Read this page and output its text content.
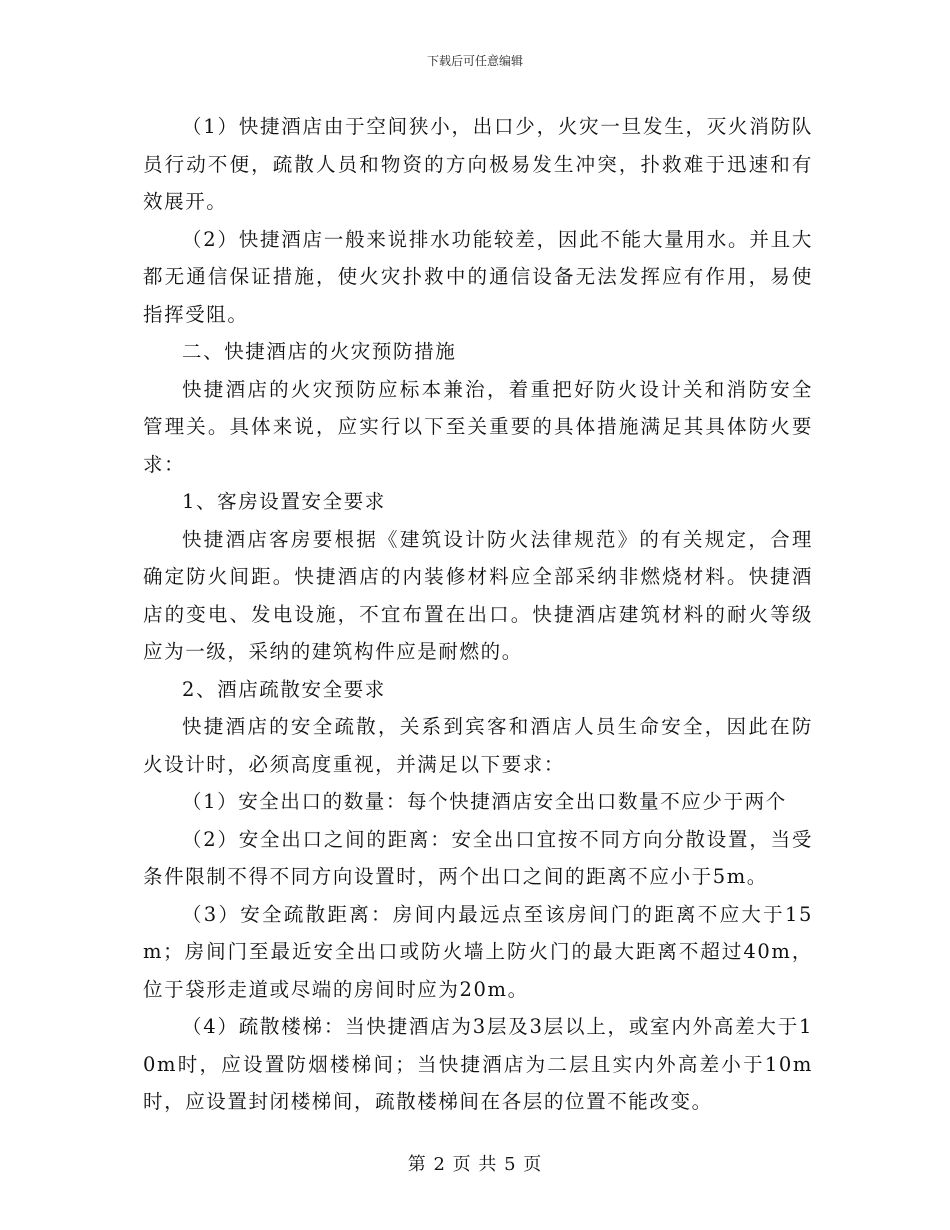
下载后可任意编辑

（1）快捷酒店由于空间狭小，出口少，火灾一旦发生，灭火消防队员行动不便，疏散人员和物资的方向极易发生冲突，扑救难于迅速和有效展开。

（2）快捷酒店一般来说排水功能较差，因此不能大量用水。并且大都无通信保证措施，使火灾扑救中的通信设备无法发挥应有作用，易使指挥受阻。

二、快捷酒店的火灾预防措施

快捷酒店的火灾预防应标本兼治，着重把好防火设计关和消防安全管理关。具体来说，应实行以下至关重要的具体措施满足其具体防火要求：

1、客房设置安全要求

快捷酒店客房要根据《建筑设计防火法律规范》的有关规定，合理确定防火间距。快捷酒店的内装修材料应全部采纳非燃烧材料。快捷酒店的变电、发电设施，不宜布置在出口。快捷酒店建筑材料的耐火等级应为一级，采纳的建筑构件应是耐燃的。

2、酒店疏散安全要求

快捷酒店的安全疏散，关系到宾客和酒店人员生命安全，因此在防火设计时，必须高度重视，并满足以下要求：

（1）安全出口的数量：每个快捷酒店安全出口数量不应少于两个

（2）安全出口之间的距离：安全出口宜按不同方向分散设置，当受条件限制不得不同方向设置时，两个出口之间的距离不应小于5m。

（3）安全疏散距离：房间内最远点至该房间门的距离不应大于15m；房间门至最近安全出口或防火墙上防火门的最大距离不超过40m，位于袋形走道或尽端的房间时应为20m。

（4）疏散楼梯：当快捷酒店为3层及3层以上，或室内外高差大于10m时，应设置防烟楼梯间；当快捷酒店为二层且实内外高差小于10m时，应设置封闭楼梯间，疏散楼梯间在各层的位置不能改变。

第 2 页 共 5 页
